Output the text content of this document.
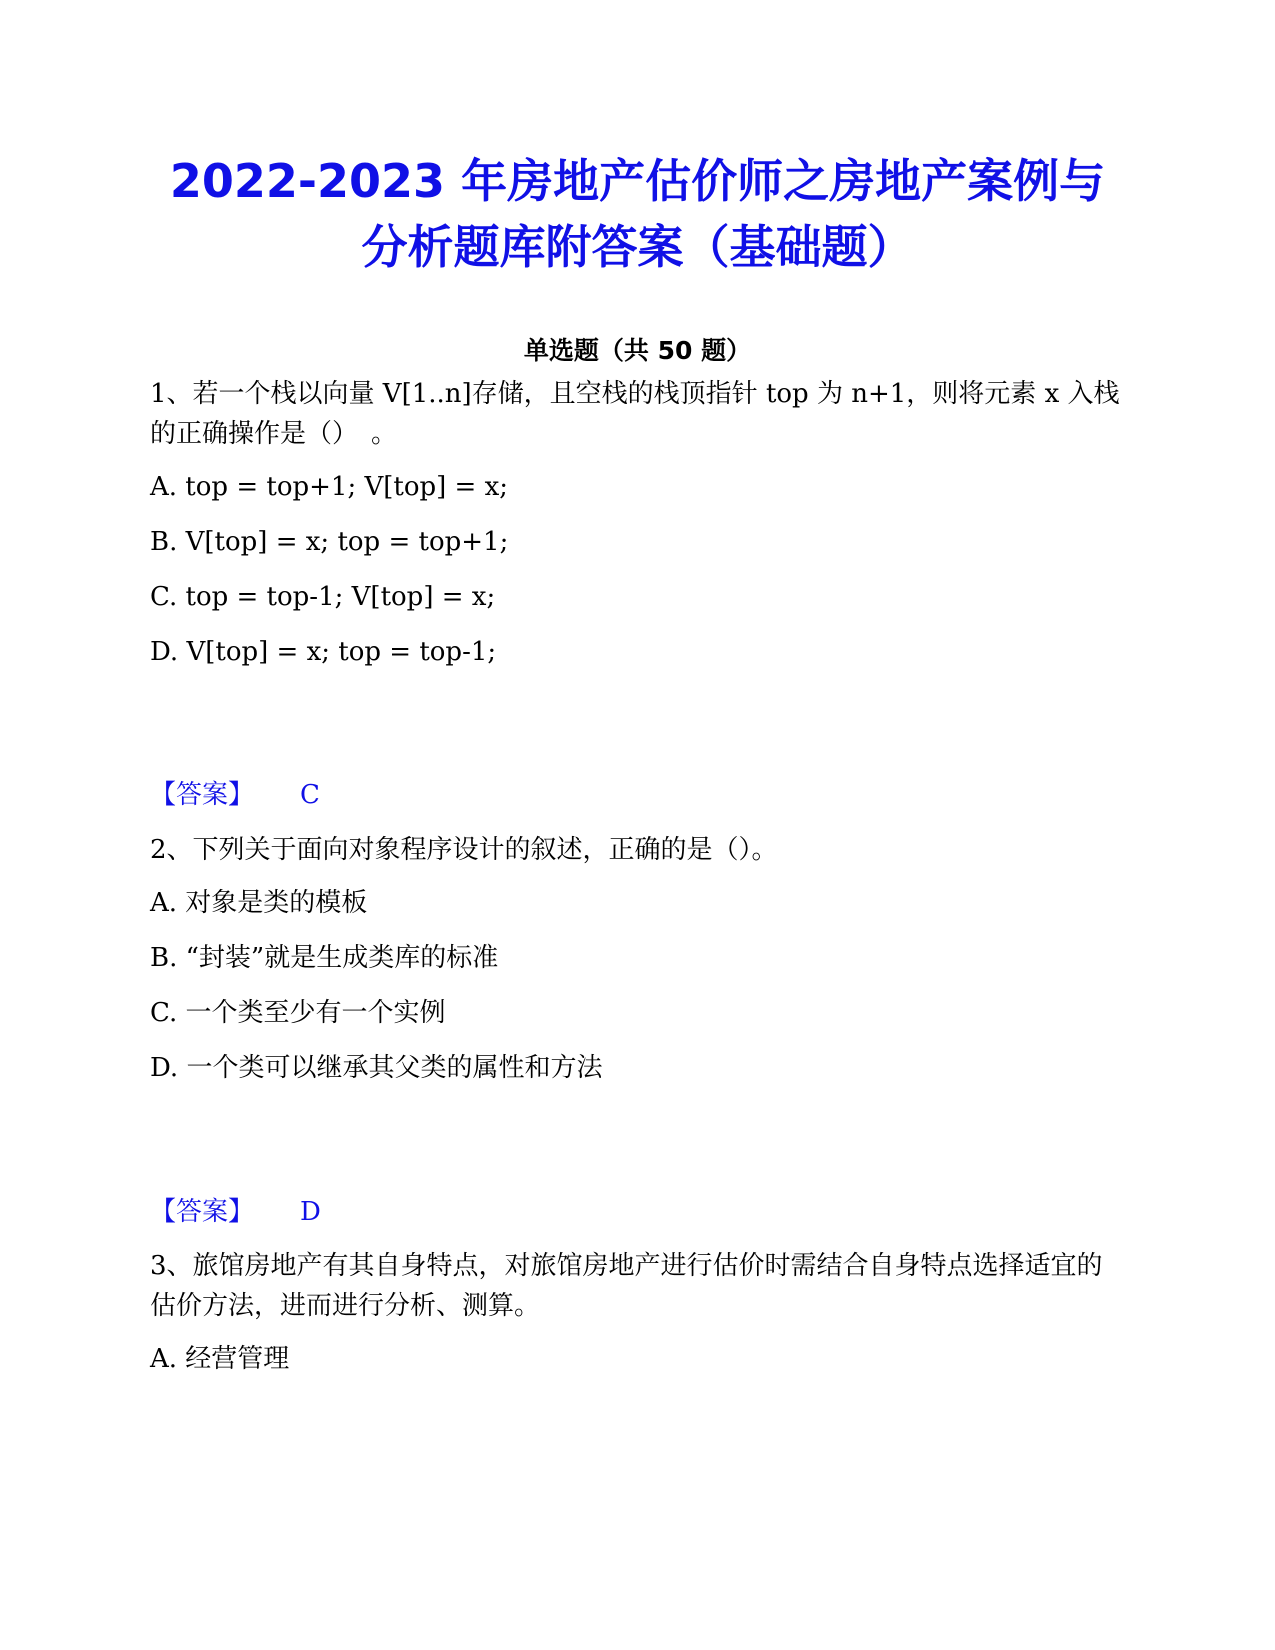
2022-2023 年房地产估价师之房地产案例与
分析题库附答案（基础题）
单选题（共 50 题）
1、若一个栈以向量 V[1..n]存储，且空栈的栈顶指针 top 为 n+1，则将元素 x 入栈的正确操作是（）　。
A. top = top+1; V[top] = x;
B. V[top] = x; top = top+1;
C. top = top-1; V[top] = x;
D. V[top] = x; top = top-1;
【答案】 C
2、下列关于面向对象程序设计的叙述，正确的是（）。
A. 对象是类的模板
B. “封装”就是生成类库的标准
C. 一个类至少有一个实例
D. 一个类可以继承其父类的属性和方法
【答案】 D
3、旅馆房地产有其自身特点，对旅馆房地产进行估价时需结合自身特点选择适宜的估价方法，进而进行分析、测算。
A. 经营管理
